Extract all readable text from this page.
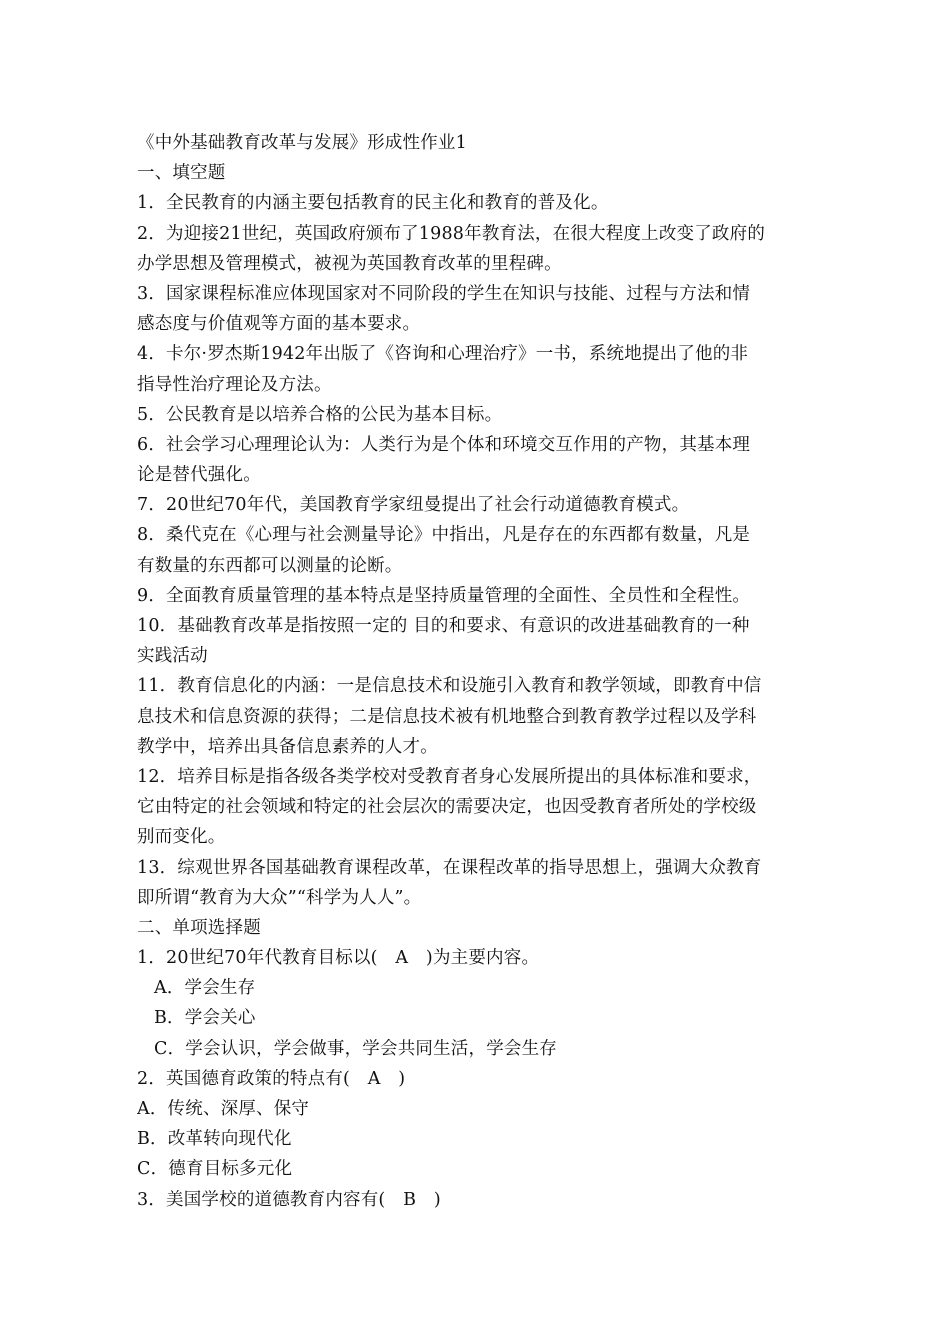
《中外基础教育改革与发展》形成性作业1
一、填空题
1．全民教育的内涵主要包括教育的民主化和教育的普及化。
2．为迎接21世纪，英国政府颁布了1988年教育法，在很大程度上改变了政府的
办学思想及管理模式，被视为英国教育改革的里程碑。
3．国家课程标准应体现国家对不同阶段的学生在知识与技能、过程与方法和情
感态度与价值观等方面的基本要求。
4．卡尔·罗杰斯1942年出版了《咨询和心理治疗》一书，系统地提出了他的非
指导性治疗理论及方法。
5．公民教育是以培养合格的公民为基本目标。
6．社会学习心理理论认为：人类行为是个体和环境交互作用的产物，其基本理
论是替代强化。
7．20世纪70年代，美国教育学家纽曼提出了社会行动道德教育模式。
8．桑代克在《心理与社会测量导论》中指出，凡是存在的东西都有数量，凡是
有数量的东西都可以测量的论断。
9．全面教育质量管理的基本特点是坚持质量管理的全面性、全员性和全程性。
10．基础教育改革是指按照一定的 目的和要求、有意识的改进基础教育的一种
实践活动
11．教育信息化的内涵：一是信息技术和设施引入教育和教学领域，即教育中信
息技术和信息资源的获得；二是信息技术被有机地整合到教育教学过程以及学科
教学中，培养出具备信息素养的人才。
12．培养目标是指各级各类学校对受教育者身心发展所提出的具体标准和要求，
它由特定的社会领域和特定的社会层次的需要决定，也因受教育者所处的学校级
别而变化。
13．综观世界各国基础教育课程改革，在课程改革的指导思想上，强调大众教育
即所谓“教育为大众”“科学为人人”。
二、单项选择题
1．20世纪70年代教育目标以(　A　)为主要内容。
A．学会生存
B．学会关心
C．学会认识，学会做事，学会共同生活，学会生存
2．英国德育政策的特点有(　A　)
A．传统、深厚、保守
B．改革转向现代化
C．德育目标多元化
3．美国学校的道德教育内容有(　B　)
